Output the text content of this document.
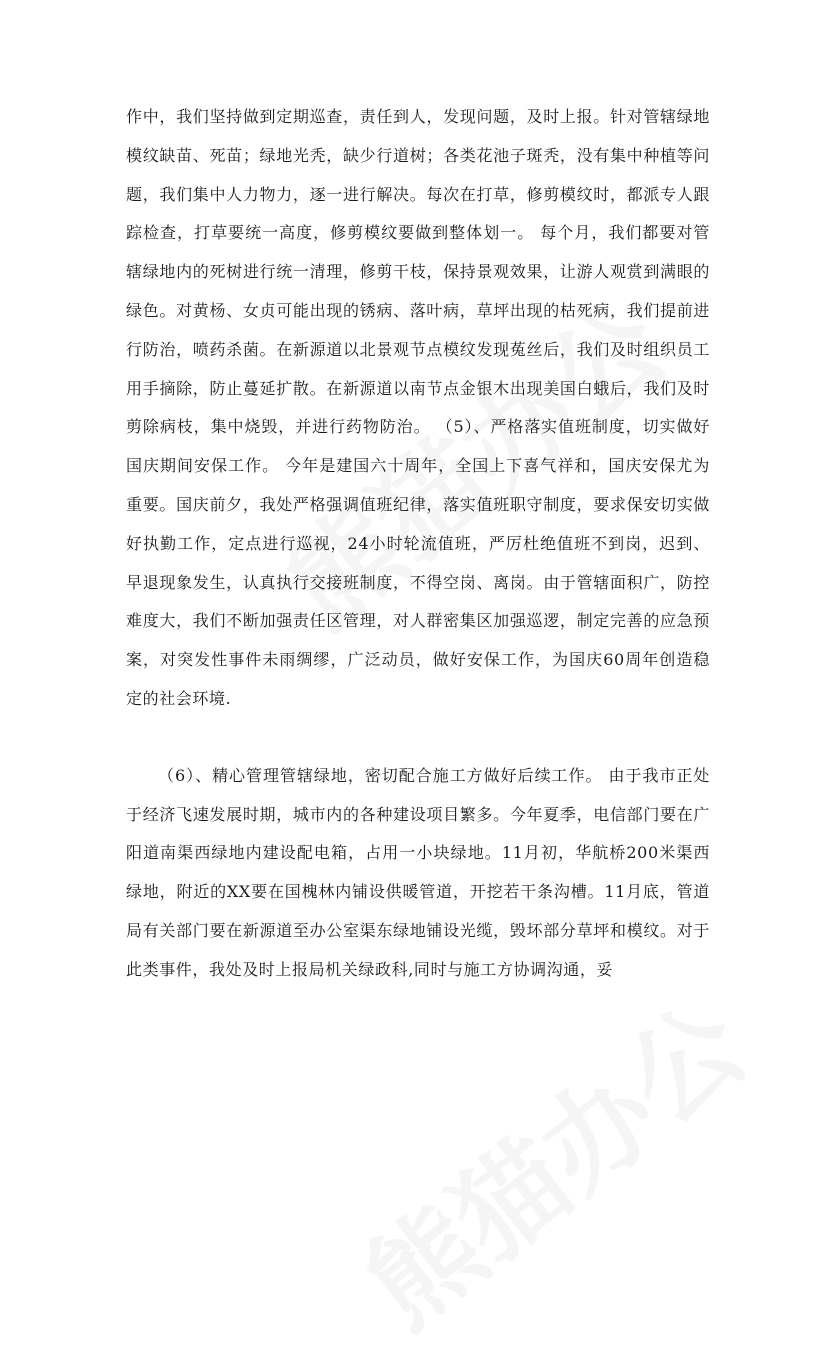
作中，我们坚持做到定期巡查，责任到人，发现问题，及时上报。针对管辖绿地模纹缺苗、死苗；绿地光秃，缺少行道树；各类花池子斑秃，没有集中种植等问题，我们集中人力物力，逐一进行解决。每次在打草，修剪模纹时，都派专人跟踪检查，打草要统一高度，修剪模纹要做到整体划一。 每个月，我们都要对管辖绿地内的死树进行统一清理，修剪干枝，保持景观效果，让游人观赏到满眼的绿色。对黄杨、女贞可能出现的锈病、落叶病，草坪出现的枯死病，我们提前进行防治，喷药杀菌。在新源道以北景观节点模纹发现菟丝后，我们及时组织员工用手摘除，防止蔓延扩散。在新源道以南节点金银木出现美国白蛾后，我们及时剪除病枝，集中烧毁，并进行药物防治。 （5）、严格落实值班制度，切实做好国庆期间安保工作。 今年是建国六十周年，全国上下喜气祥和，国庆安保尤为重要。国庆前夕，我处严格强调值班纪律，落实值班职守制度，要求保安切实做好执勤工作，定点进行巡视，24小时轮流值班，严厉杜绝值班不到岗，迟到、早退现象发生，认真执行交接班制度，不得空岗、离岗。由于管辖面积广，防控难度大，我们不断加强责任区管理，对人群密集区加强巡逻，制定完善的应急预案，对突发性事件未雨绸缪，广泛动员，做好安保工作，为国庆60周年创造稳定的社会环境.

（6）、精心管理管辖绿地，密切配合施工方做好后续工作。 由于我市正处于经济飞速发展时期，城市内的各种建设项目繁多。今年夏季，电信部门要在广阳道南渠西绿地内建设配电箱，占用一小块绿地。11月初，华航桥200米渠西绿地，附近的XX要在国槐林内铺设供暖管道，开挖若干条沟槽。11月底，管道局有关部门要在新源道至办公室渠东绿地铺设光缆，毁坏部分草坪和模纹。对于此类事件，我处及时上报局机关绿政科,同时与施工方协调沟通，妥
